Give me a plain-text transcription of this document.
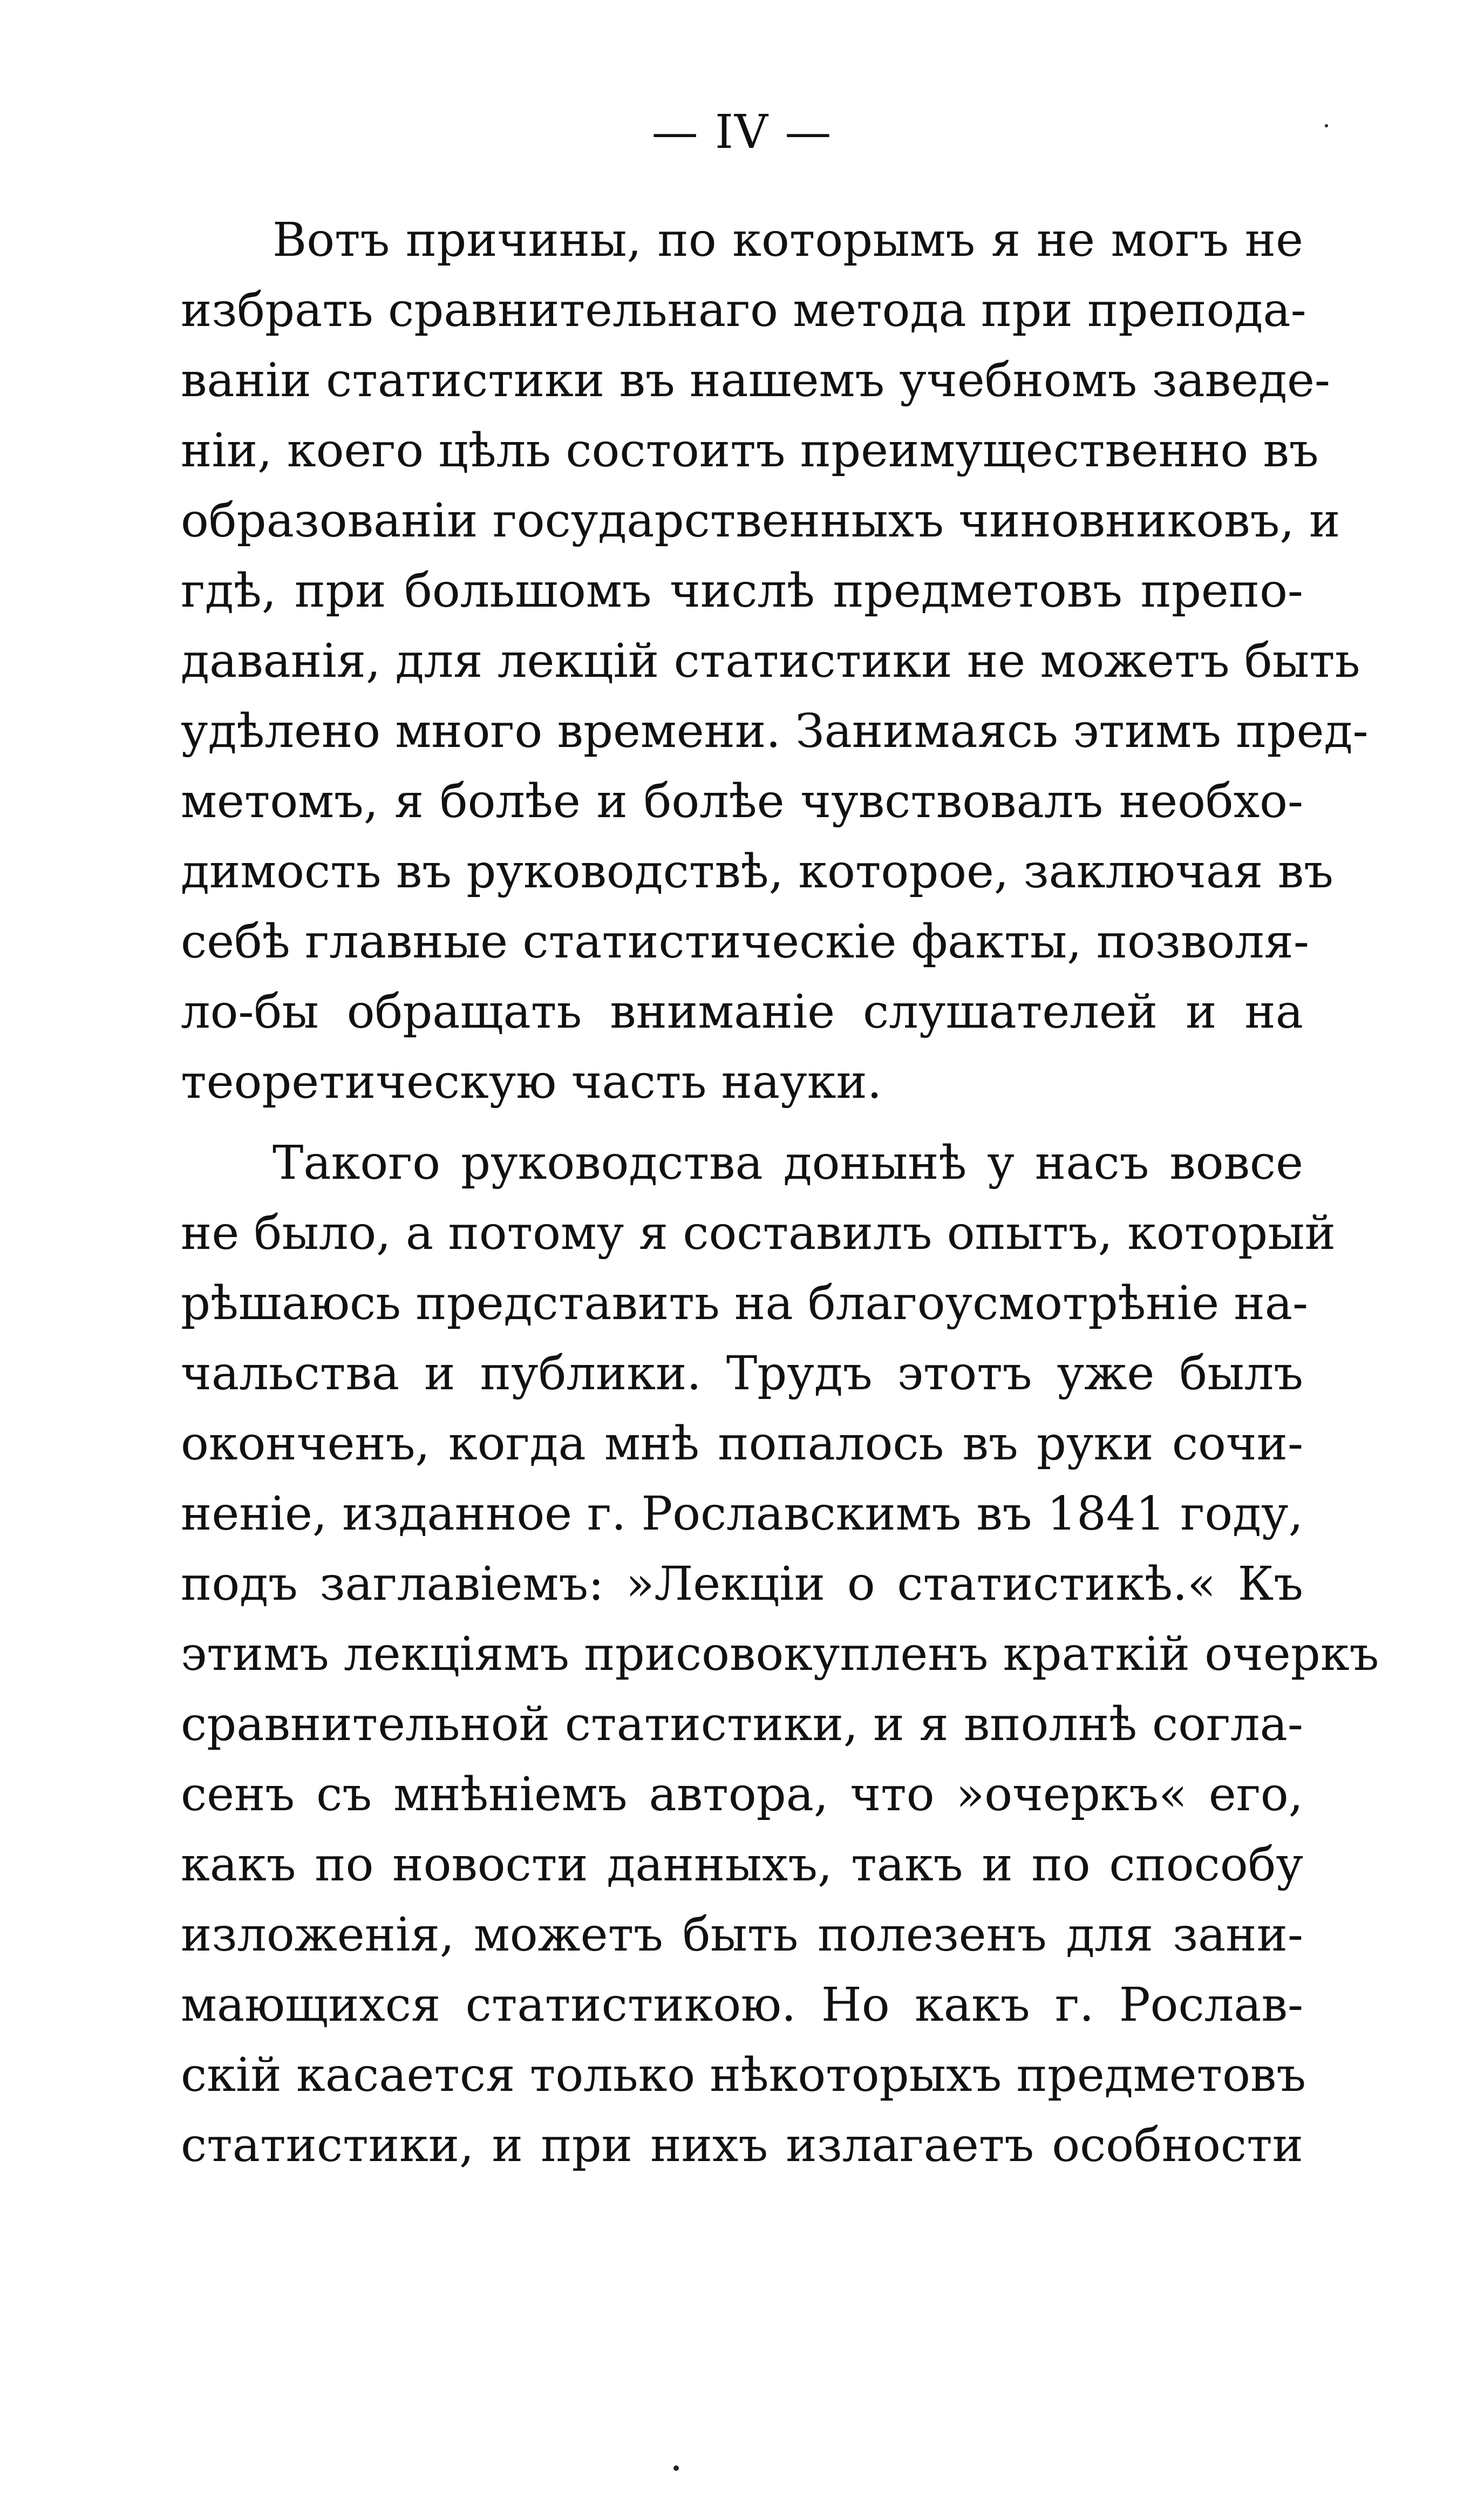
— IV —
Вотъ причины, по которымъ я не могъ не
избрать сравнительнаго метода при препода-
ваніи статистики въ нашемъ учебномъ заведе-
ніи, коего цѣль состоитъ преимущественно въ
образованіи государственныхъ чиновниковъ, и
гдѣ, при большомъ числѣ предметовъ препо-
даванія, для лекцій статистики не можетъ быть
удѣлено много времени. Занимаясь этимъ пред-
метомъ, я болѣе и болѣе чувствовалъ необхо-
димость въ руководствѣ, которое, заключая въ
себѣ главные статистическіе факты, позволя-
ло-бы обращать вниманіе слушателей и на
теоретическую часть науки.
Такого руководства донынѣ у насъ вовсе
не было, а потому я составилъ опытъ, который
рѣшаюсь представить на благоусмотрѣніе на-
чальства и публики. Трудъ этотъ уже былъ
оконченъ, когда мнѣ попалось въ руки сочи-
неніе, изданное г. Рославскимъ въ 1841 году,
подъ заглавіемъ: »Лекціи о статистикѣ.« Къ
этимъ лекціямъ присовокупленъ краткій очеркъ
сравнительной статистики, и я вполнѣ согла-
сенъ съ мнѣніемъ автора, что »очеркъ« его,
какъ по новости данныхъ, такъ и по способу
изложенія, можетъ быть полезенъ для зани-
мающихся статистикою. Но какъ г. Рослав-
скій касается только нѣкоторыхъ предметовъ
статистики, и при нихъ излагаетъ особности
